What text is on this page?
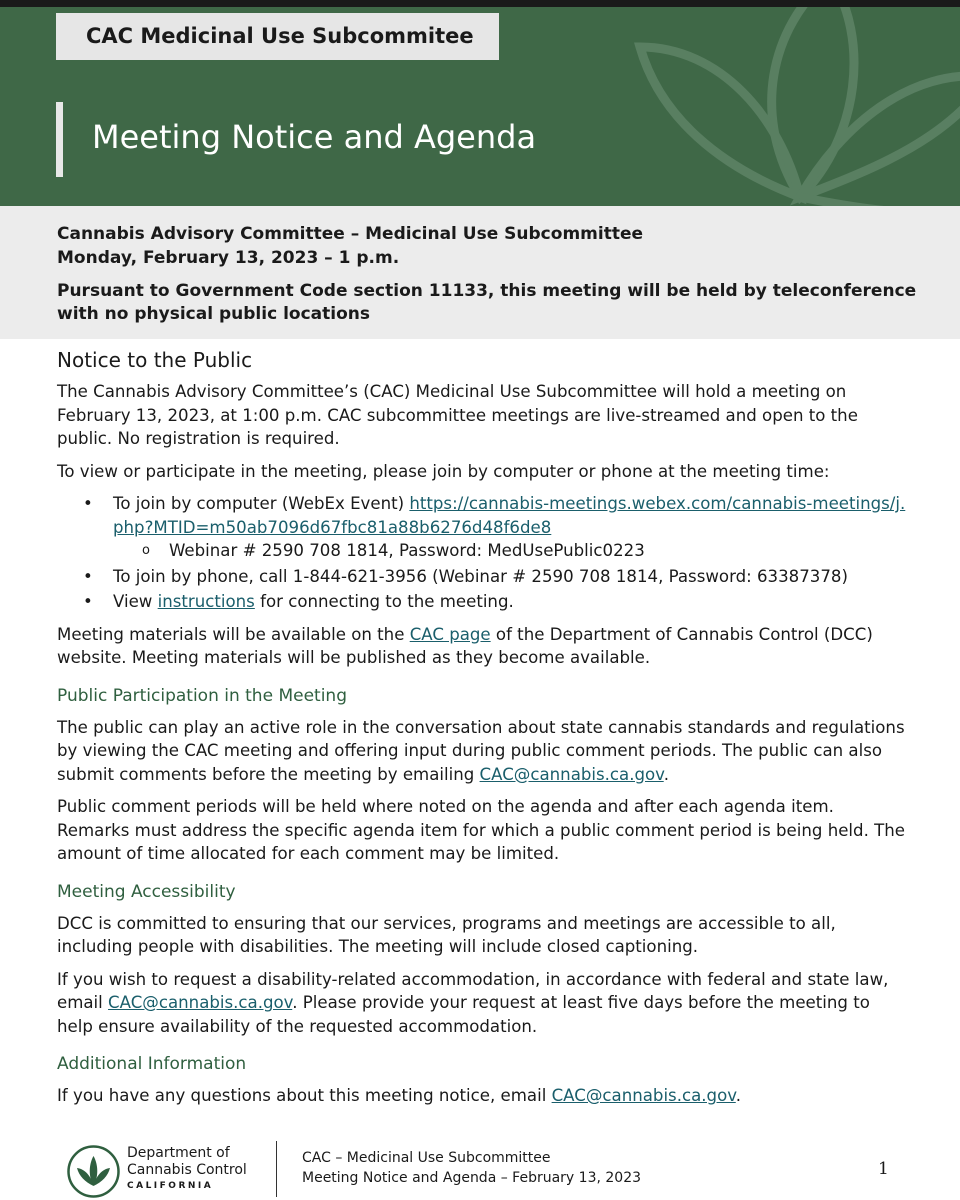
CAC Medicinal Use Subcommitee
Meeting Notice and Agenda
Cannabis Advisory Committee – Medicinal Use Subcommittee
Monday, February 13, 2023 – 1 p.m.
Pursuant to Government Code section 11133, this meeting will be held by teleconference with no physical public locations
Notice to the Public

The Cannabis Advisory Committee’s (CAC) Medicinal Use Subcommittee will hold a meeting on February 13, 2023, at 1:00 p.m. CAC subcommittee meetings are live-streamed and open to the public. No registration is required.

To view or participate in the meeting, please join by computer or phone at the meeting time:

• To join by computer (WebEx Event) https://cannabis-meetings.webex.com/cannabis-meetings/j.php?MTID=m50ab7096d67fbc81a88b6276d48f6de8
o Webinar # 2590 708 1814, Password: MedUsePublic0223
• To join by phone, call 1-844-621-3956 (Webinar # 2590 708 1814, Password: 63387378)
• View instructions for connecting to the meeting.

Meeting materials will be available on the CAC page of the Department of Cannabis Control (DCC) website. Meeting materials will be published as they become available.

Public Participation in the Meeting

The public can play an active role in the conversation about state cannabis standards and regulations by viewing the CAC meeting and offering input during public comment periods. The public can also submit comments before the meeting by emailing CAC@cannabis.ca.gov.

Public comment periods will be held where noted on the agenda and after each agenda item. Remarks must address the specific agenda item for which a public comment period is being held. The amount of time allocated for each comment may be limited.

Meeting Accessibility

DCC is committed to ensuring that our services, programs and meetings are accessible to all, including people with disabilities. The meeting will include closed captioning.

If you wish to request a disability-related accommodation, in accordance with federal and state law, email CAC@cannabis.ca.gov. Please provide your request at least five days before the meeting to help ensure availability of the requested accommodation.

Additional Information

If you have any questions about this meeting notice, email CAC@cannabis.ca.gov.

Department of
Cannabis Control
CALIFORNIA
CAC – Medicinal Use Subcommittee
Meeting Notice and Agenda – February 13, 2023	1
